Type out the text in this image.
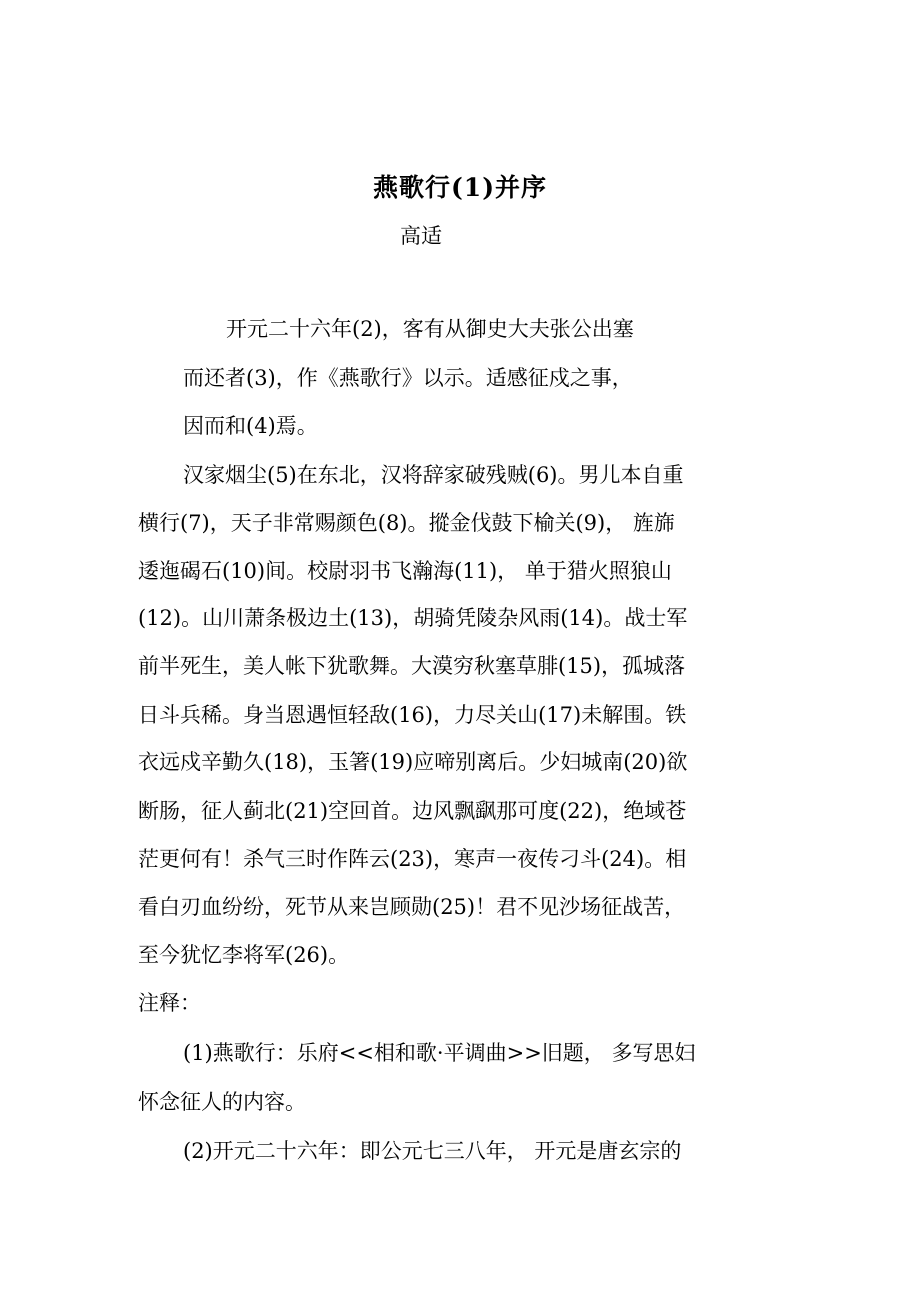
燕歌行(1)并序
高适
开元二十六年(2)，客有从御史大夫张公出塞
而还者(3)，作《燕歌行》以示。适感征戍之事，
因而和(4)焉。
汉家烟尘(5)在东北，汉将辞家破残贼(6)。男儿本自重
横行(7)，天子非常赐颜色(8)。摐金伐鼓下榆关(9)， 旌旆
逶迤碣石(10)间。校尉羽书飞瀚海(11)， 单于猎火照狼山
(12)。山川萧条极边土(13)，胡骑凭陵杂风雨(14)。战士军
前半死生，美人帐下犹歌舞。大漠穷秋塞草腓(15)，孤城落
日斗兵稀。身当恩遇恒轻敌(16)，力尽关山(17)未解围。铁
衣远戍辛勤久(18)，玉箸(19)应啼别离后。少妇城南(20)欲
断肠，征人蓟北(21)空回首。边风飘飖那可度(22)，绝域苍
茫更何有！杀气三时作阵云(23)，寒声一夜传刁斗(24)。相
看白刃血纷纷，死节从来岂顾勋(25)！君不见沙场征战苦，
至今犹忆李将军(26)。
注释：
(1)燕歌行：乐府<<相和歌·平调曲>>旧题， 多写思妇
怀念征人的内容。
(2)开元二十六年：即公元七三八年， 开元是唐玄宗的
